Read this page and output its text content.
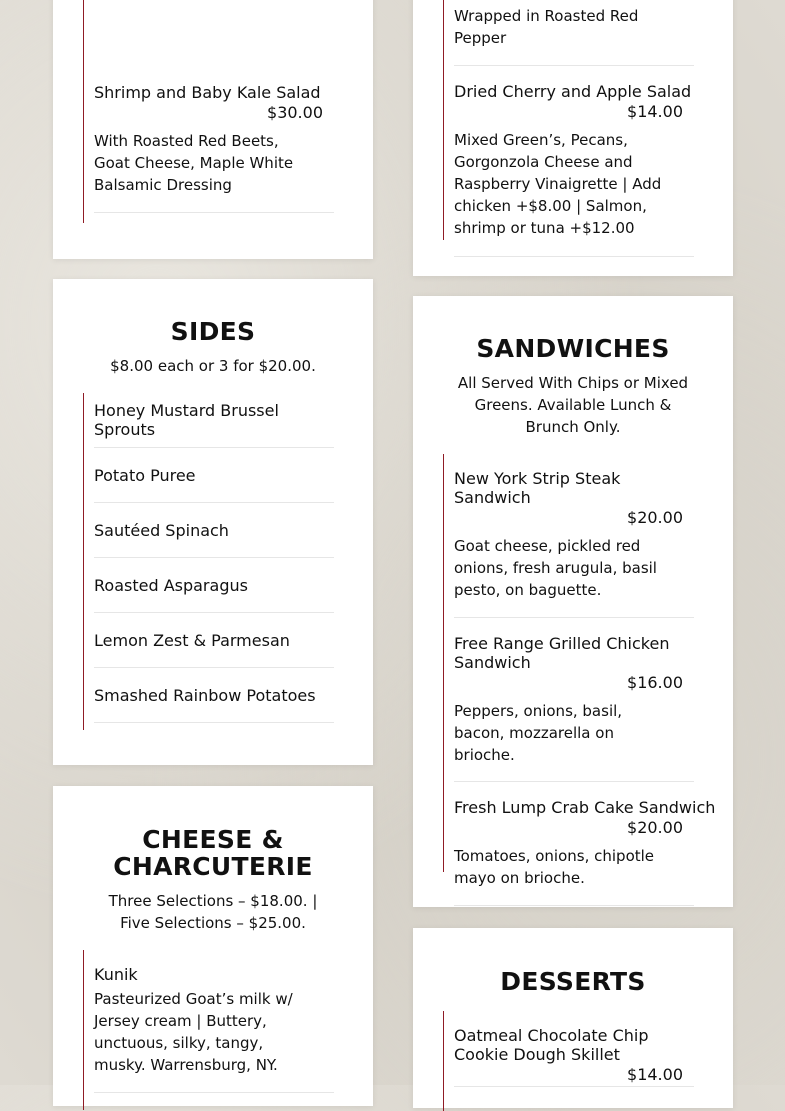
Shrimp and Baby Kale Salad
$30.00
With Roasted Red Beets, Goat Cheese, Maple White Balsamic Dressing
Wrapped in Roasted Red Pepper
Dried Cherry and Apple Salad
$14.00
Mixed Green’s, Pecans, Gorgonzola Cheese and Raspberry Vinaigrette | Add chicken +$8.00 | Salmon, shrimp or tuna +$12.00
SIDES

$8.00 each or 3 for $20.00.

Honey Mustard Brussel Sprouts
Potato Puree
Sautéed Spinach
Roasted Asparagus
Lemon Zest & Parmesan
Smashed Rainbow Potatoes
SANDWICHES

All Served With Chips or Mixed Greens. Available Lunch & Brunch Only.

New York Strip Steak Sandwich
$20.00
Goat cheese, pickled red onions, fresh arugula, basil pesto, on baguette.
Free Range Grilled Chicken Sandwich
$16.00
Peppers, onions, basil, bacon, mozzarella on brioche.
Fresh Lump Crab Cake Sandwich
$20.00
Tomatoes, onions, chipotle mayo on brioche.
CHEESE & CHARCUTERIE

Three Selections – $18.00. | Five Selections – $25.00.

Kunik
Pasteurized Goat’s milk w/ Jersey cream | Buttery, unctuous, silky, tangy, musky. Warrensburg, NY.
DESSERTS
Oatmeal Chocolate Chip Cookie Dough Skillet
$14.00
